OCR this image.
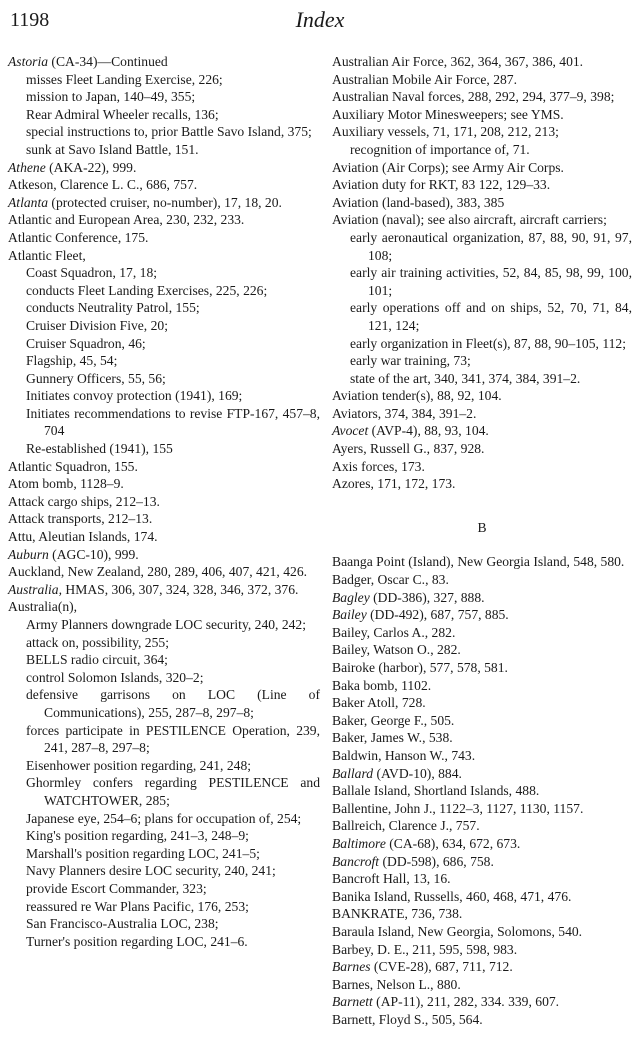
1198	Index

Astoria (CA-34)—Continued

misses Fleet Landing Exercise, 226;

mission to Japan, 140–49, 355;

Rear Admiral Wheeler recalls, 136;

special instructions to, prior Battle Savo Island, 375;

sunk at Savo Island Battle, 151.

Athene (AKA-22), 999.

Atkeson, Clarence L. C., 686, 757.

Atlanta (protected cruiser, no-number), 17, 18, 20.

Atlantic and European Area, 230, 232, 233.

Atlantic Conference, 175.

Atlantic Fleet,

Coast Squadron, 17, 18;

conducts Fleet Landing Exercises, 225, 226;

conducts Neutrality Patrol, 155;

Cruiser Division Five, 20;

Cruiser Squadron, 46;

Flagship, 45, 54;

Gunnery Officers, 55, 56;

Initiates convoy protection (1941), 169;

Initiates recommendations to revise FTP-167, 457–8, 704

Re-established (1941), 155

Atlantic Squadron, 155.

Atom bomb, 1128–9.

Attack cargo ships, 212–13.

Attack transports, 212–13.

Attu, Aleutian Islands, 174.

Auburn (AGC-10), 999.

Auckland, New Zealand, 280, 289, 406, 407, 421, 426.

Australia, HMAS, 306, 307, 324, 328, 346, 372, 376.

Australia(n),

Army Planners downgrade LOC security, 240, 242;

attack on, possibility, 255;

BELLS radio circuit, 364;

control Solomon Islands, 320–2;

defensive garrisons on LOC (Line of Communications), 255, 287–8, 297–8;

forces participate in PESTILENCE Operation, 239, 241, 287–8, 297–8;

Eisenhower position regarding, 241, 248;

Ghormley confers regarding PESTILENCE and WATCHTOWER, 285;

Japanese eye, 254–6; plans for occupation of, 254;

King's position regarding, 241–3, 248–9;

Marshall's position regarding LOC, 241–5;

Navy Planners desire LOC security, 240, 241;

provide Escort Commander, 323;

reassured re War Plans Pacific, 176, 253;

San Francisco-Australia LOC, 238;

Turner's position regarding LOC, 241–6.

Australian Air Force, 362, 364, 367, 386, 401.

Australian Mobile Air Force, 287.

Australian Naval forces, 288, 292, 294, 377–9, 398;

Auxiliary Motor Minesweepers; see YMS.

Auxiliary vessels, 71, 171, 208, 212, 213;

recognition of importance of, 71.

Aviation (Air Corps); see Army Air Corps.

Aviation duty for RKT, 83 122, 129–33.

Aviation (land-based), 383, 385

Aviation (naval); see also aircraft, aircraft carriers;

early aeronautical organization, 87, 88, 90, 91, 97, 108;

early air training activities, 52, 84, 85, 98, 99, 100, 101;

early operations off and on ships, 52, 70, 71, 84, 121, 124;

early organization in Fleet(s), 87, 88, 90–105, 112;

early war training, 73;

state of the art, 340, 341, 374, 384, 391–2.

Aviation tender(s), 88, 92, 104.

Aviators, 374, 384, 391–2.

Avocet (AVP-4), 88, 93, 104.

Ayers, Russell G., 837, 928.

Axis forces, 173.

Azores, 171, 172, 173.

B

Baanga Point (Island), New Georgia Island, 548, 580.

Badger, Oscar C., 83.

Bagley (DD-386), 327, 888.

Bailey (DD-492), 687, 757, 885.

Bailey, Carlos A., 282.

Bailey, Watson O., 282.

Bairoke (harbor), 577, 578, 581.

Baka bomb, 1102.

Baker Atoll, 728.

Baker, George F., 505.

Baker, James W., 538.

Baldwin, Hanson W., 743.

Ballard (AVD-10), 884.

Ballale Island, Shortland Islands, 488.

Ballentine, John J., 1122–3, 1127, 1130, 1157.

Ballreich, Clarence J., 757.

Baltimore (CA-68), 634, 672, 673.

Bancroft (DD-598), 686, 758.

Bancroft Hall, 13, 16.

Banika Island, Russells, 460, 468, 471, 476.

BANKRATE, 736, 738.

Baraula Island, New Georgia, Solomons, 540.

Barbey, D. E., 211, 595, 598, 983.

Barnes (CVE-28), 687, 711, 712.

Barnes, Nelson L., 880.

Barnett (AP-11), 211, 282, 334. 339, 607.

Barnett, Floyd S., 505, 564.
